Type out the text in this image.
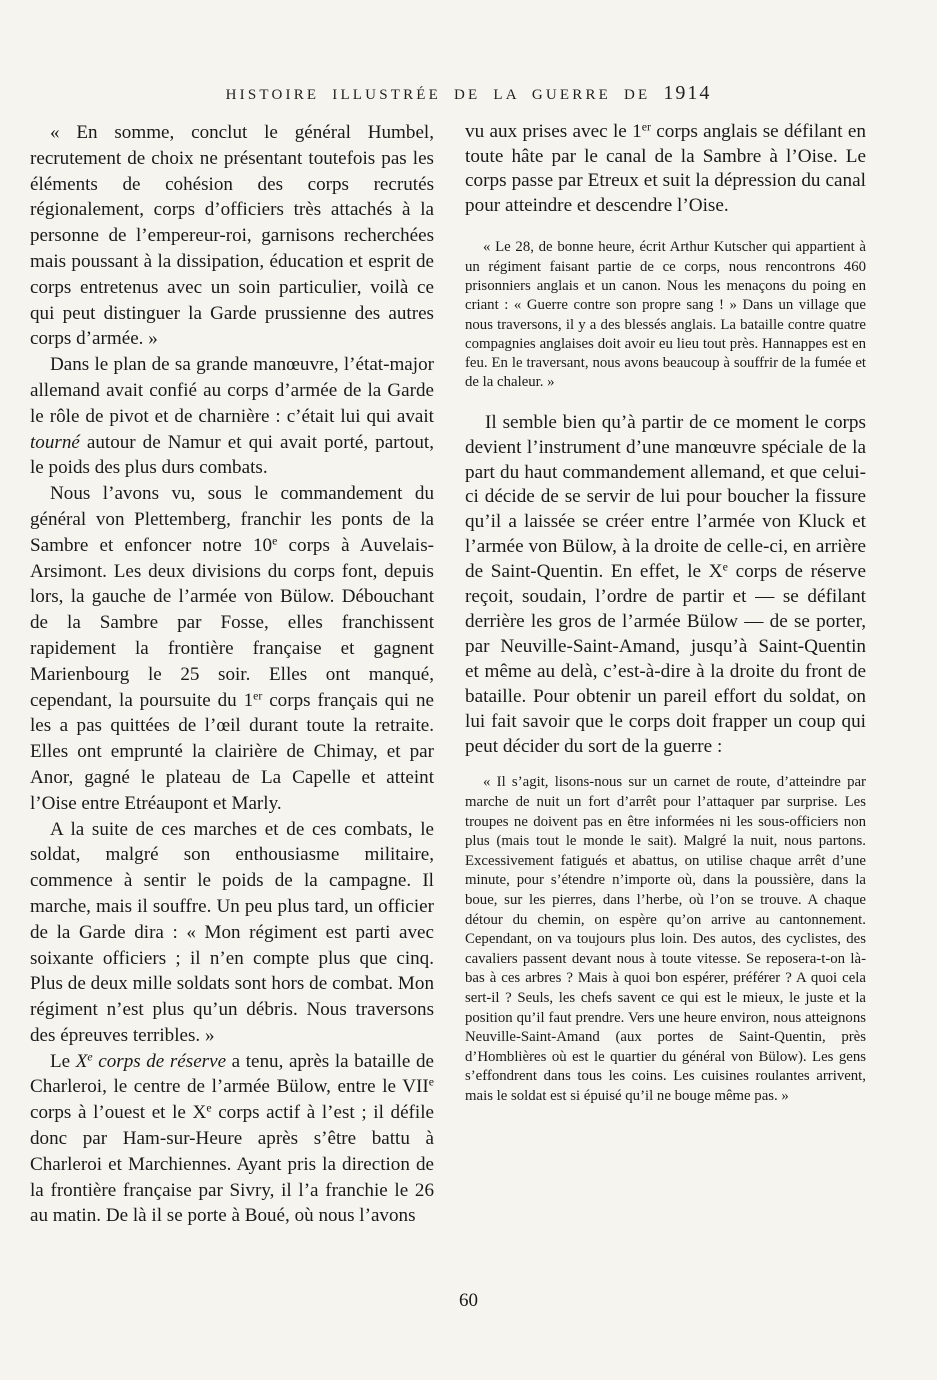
HISTOIRE ILLUSTRÉE DE LA GUERRE DE 1914

« En somme, conclut le général Humbel, recrutement de choix ne présentant toutefois pas les éléments de cohésion des corps recrutés régionalement, corps d’officiers très attachés à la personne de l’empereur-roi, garnisons recherchées mais poussant à la dissipation, éducation et esprit de corps entretenus avec un soin particulier, voilà ce qui peut distinguer la Garde prussienne des autres corps d’armée. »

Dans le plan de sa grande manœuvre, l’état-major allemand avait confié au corps d’armée de la Garde le rôle de pivot et de charnière : c’était lui qui avait tourné autour de Namur et qui avait porté, partout, le poids des plus durs combats.

Nous l’avons vu, sous le commandement du général von Plettemberg, franchir les ponts de la Sambre et enfoncer notre 10e corps à Auvelais-Arsimont. Les deux divisions du corps font, depuis lors, la gauche de l’armée von Bülow. Débouchant de la Sambre par Fosse, elles franchissent rapidement la frontière française et gagnent Marienbourg le 25 soir. Elles ont manqué, cependant, la poursuite du 1er corps français qui ne les a pas quittées de l’œil durant toute la retraite. Elles ont emprunté la clairière de Chimay, et par Anor, gagné le plateau de La Capelle et atteint l’Oise entre Etréaupont et Marly.

A la suite de ces marches et de ces combats, le soldat, malgré son enthousiasme militaire, commence à sentir le poids de la campagne. Il marche, mais il souffre. Un peu plus tard, un officier de la Garde dira : « Mon régiment est parti avec soixante officiers ; il n’en compte plus que cinq. Plus de deux mille soldats sont hors de combat. Mon régiment n’est plus qu’un débris. Nous traversons des épreuves terribles. »

Le Xe corps de réserve a tenu, après la bataille de Charleroi, le centre de l’armée Bülow, entre le VIIe corps à l’ouest et le Xe corps actif à l’est ; il défile donc par Ham-sur-Heure après s’être battu à Charleroi et Marchiennes. Ayant pris la direction de la frontière française par Sivry, il l’a franchie le 26 au matin. De là il se porte à Boué, où nous l’avons

vu aux prises avec le 1er corps anglais se défilant en toute hâte par le canal de la Sambre à l’Oise. Le corps passe par Etreux et suit la dépression du canal pour atteindre et descendre l’Oise.

« Le 28, de bonne heure, écrit Arthur Kutscher qui appartient à un régiment faisant partie de ce corps, nous rencontrons 460 prisonniers anglais et un canon. Nous les menaçons du poing en criant : « Guerre contre son propre sang ! » Dans un village que nous traversons, il y a des blessés anglais. La bataille contre quatre compagnies anglaises doit avoir eu lieu tout près. Hannappes est en feu. En le traversant, nous avons beaucoup à souffrir de la fumée et de la chaleur. »

Il semble bien qu’à partir de ce moment le corps devient l’instrument d’une manœuvre spéciale de la part du haut commandement allemand, et que celui-ci décide de se servir de lui pour boucher la fissure qu’il a laissée se créer entre l’armée von Kluck et l’armée von Bülow, à la droite de celle-ci, en arrière de Saint-Quentin. En effet, le Xe corps de réserve reçoit, soudain, l’ordre de partir et — se défilant derrière les gros de l’armée Bülow — de se porter, par Neuville-Saint-Amand, jusqu’à Saint-Quentin et même au delà, c’est-à-dire à la droite du front de bataille. Pour obtenir un pareil effort du soldat, on lui fait savoir que le corps doit frapper un coup qui peut décider du sort de la guerre :

« Il s’agit, lisons-nous sur un carnet de route, d’atteindre par marche de nuit un fort d’arrêt pour l’attaquer par surprise. Les troupes ne doivent pas en être informées ni les sous-officiers non plus (mais tout le monde le sait). Malgré la nuit, nous partons. Excessivement fatigués et abattus, on utilise chaque arrêt d’une minute, pour s’étendre n’importe où, dans la poussière, dans la boue, sur les pierres, dans l’herbe, où l’on se trouve. A chaque détour du chemin, on espère qu’on arrive au cantonnement. Cependant, on va toujours plus loin. Des autos, des cyclistes, des cavaliers passent devant nous à toute vitesse. Se reposera-t-on là-bas à ces arbres ? Mais à quoi bon espérer, préférer ? A quoi cela sert-il ? Seuls, les chefs savent ce qui est le mieux, le juste et la position qu’il faut prendre. Vers une heure environ, nous atteignons Neuville-Saint-Amand (aux portes de Saint-Quentin, près d’Homblières où est le quartier du général von Bülow). Les gens s’effondrent dans tous les coins. Les cuisines roulantes arrivent, mais le soldat est si épuisé qu’il ne bouge même pas. »

60
